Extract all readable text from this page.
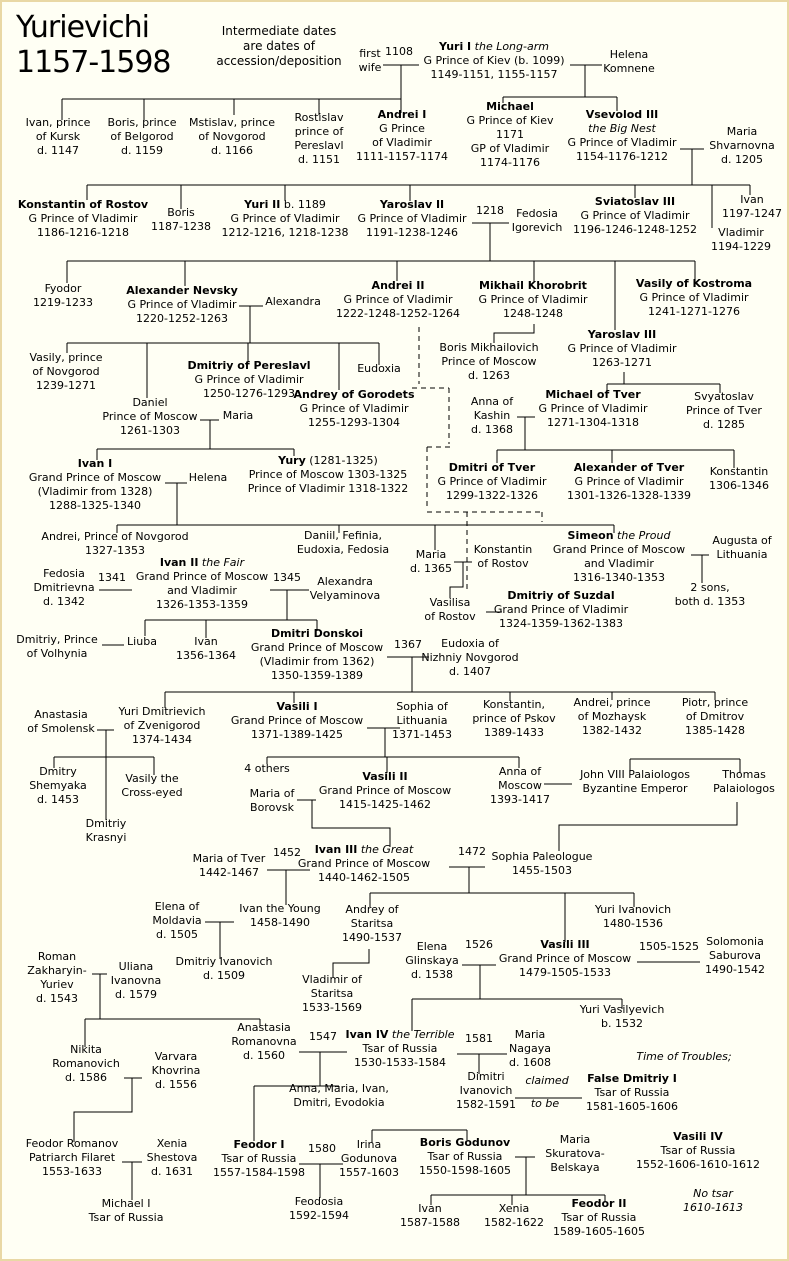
Yurievichi
1157-1598
Intermediate dates
are dates of
accession/deposition
first
wife
1108	Yuri I the Long-arm
G Prince of Kiev (b. 1099)
1149-1151, 1155-1157
Helena
Komnene
Ivan, prince
of Kursk
d. 1147
Boris, prince
of Belgorod
d. 1159
Mstislav, prince
of Novgorod
d. 1166
Rostislav
prince of
Pereslavl
d. 1151
Andrei I
G Prince
of Vladimir
1111-1157-1174
Michael
G Prince of Kiev
1171
GP of Vladimir
1174-1176
Vsevolod III
the Big Nest
G Prince of Vladimir
1154-1176-1212
Maria
Shvarnovna
d. 1205
Konstantin of Rostov
G Prince of Vladimir
1186-1216-1218
Boris
1187-1238
Yuri II b. 1189
G Prince of Vladimir
1212-1216, 1218-1238
Yaroslav II
G Prince of Vladimir
1191-1238-1246
1218	Fedosia
Igorevich
Sviatoslav III
G Prince of Vladimir
1196-1246-1248-1252
Ivan
1197-1247
Vladimir
1194-1229
Fyodor
1219-1233
Alexander Nevsky
G Prince of Vladimir
1220-1252-1263
Alexandra
Andrei II
G Prince of Vladimir
1222-1248-1252-1264
Mikhail Khorobrit
G Prince of Vladimir
1248-1248
Vasily of Kostroma
G Prince of Vladimir
1241-1271-1276
Vasily, prince
of Novgorod
1239-1271
Dmitriy of Pereslavl
G Prince of Vladimir
1250-1276-1293
Eudoxia
Boris Mikhailovich
Prince of Moscow
d. 1263
Yaroslav III
G Prince of Vladimir
1263-1271
Daniel
Prince of Moscow
1261-1303
Maria
Andrey of Gorodets
G Prince of Vladimir
1255-1293-1304
Anna of
Kashin
d. 1368
Michael of Tver
G Prince of Vladimir
1271-1304-1318
Svyatoslav
Prince of Tver
d. 1285
Ivan I
Grand Prince of Moscow
(Vladimir from 1328)
1288-1325-1340
Helena
Yury (1281-1325)
Prince of Moscow 1303-1325
Prince of Vladimir 1318-1322
Dmitri of Tver
G Prince of Vladimir
1299-1322-1326
Alexander of Tver
G Prince of Vladimir
1301-1326-1328-1339
Konstantin
1306-1346
Andrei, Prince of Novgorod
1327-1353
Daniil, Fefinia,
Eudoxia, Fedosia	Maria
d. 1365
Konstantin
of Rostov
Simeon the Proud
Grand Prince of Moscow
and Vladimir
1316-1340-1353
Augusta of
Lithuania
Fedosia
Dmitrievna
d. 1342
1341
Ivan II the Fair
Grand Prince of Moscow
and Vladimir
1326-1353-1359
1345	Alexandra
Velyaminova
Vasilisa
of Rostov
Dmitriy of Suzdal
Grand Prince of Vladimir
1324-1359-1362-1383
2 sons,
both d. 1353
Dmitriy, Prince
of Volhynia
Liuba	Ivan
1356-1364
Dmitri Donskoi
Grand Prince of Moscow
(Vladimir from 1362)
1350-1359-1389
1367	Eudoxia of
Nizhniy Novgorod
d. 1407
Anastasia
of Smolensk
Yuri Dmitrievich
of Zvenigorod
1374-1434
Vasili I
Grand Prince of Moscow
1371-1389-1425
Sophia of
Lithuania
1371-1453
Konstantin,
prince of Pskov
1389-1433
Andrei, prince
of Mozhaysk
1382-1432
Piotr, prince
of Dmitrov
1385-1428
Dmitry
Shemyaka
d. 1453
Vasily the
Cross-eyed
Dmitriy
Krasnyi
4 others
Maria of
Borovsk
Vasili II
Grand Prince of Moscow
1415-1425-1462
Anna of
Moscow
1393-1417
John VIII Palaiologos
Byzantine Emperor
Thomas
Palaiologos
Maria of Tver
1442-1467
1452	Ivan III the Great
Grand Prince of Moscow
1440-1462-1505
1472 Sophia Paleologue
1455-1503
Elena of
Moldavia
d. 1505
Ivan the Young
1458-1490
Andrey of
Staritsa
1490-1537
Yuri Ivanovich
1480-1536
Dmitriy Ivanovich
d. 1509	Vladimir of
Staritsa
1533-1569
Elena
Glinskaya
d. 1538
1526	Vasili III
Grand Prince of Moscow
1479-1505-1533
1505-1525 Solomonia
Saburova
1490-1542
Roman
Zakharyin-
Yuriev
d. 1543
Uliana
Ivanovna
d. 1579
Yuri Vasilyevich
b. 1532
Nikita
Romanovich
d. 1586
Varvara
Khovrina
d. 1556
Anastasia
Romanovna
d. 1560
1547 Ivan IV the Terrible
Tsar of Russia
1530-1533-1584
1581	Maria
Nagaya
d. 1608	Time of Troubles;
Anna, Maria, Ivan,
Dmitri, Evodokia
Dimitri
Ivanovich
1582-1591
claimed
to be
False Dmitriy I
Tsar of Russia
1581-1605-1606
Feodor Romanov
Patriarch Filaret
1553-1633
Xenia
Shestova
d. 1631
Feodor I
Tsar of Russia
1557-1584-1598
1580	Irina
Godunova
1557-1603
Boris Godunov
Tsar of Russia
1550-1598-1605
Maria
Skuratova-
Belskaya
Vasili IV
Tsar of Russia
1552-1606-1610-1612
Michael I
Tsar of Russia
Feodosia
1592-1594
No tsar
1610-1613
Ivan
1587-1588
Xenia
1582-1622
Feodor II
Tsar of Russia
1589-1605-1605
